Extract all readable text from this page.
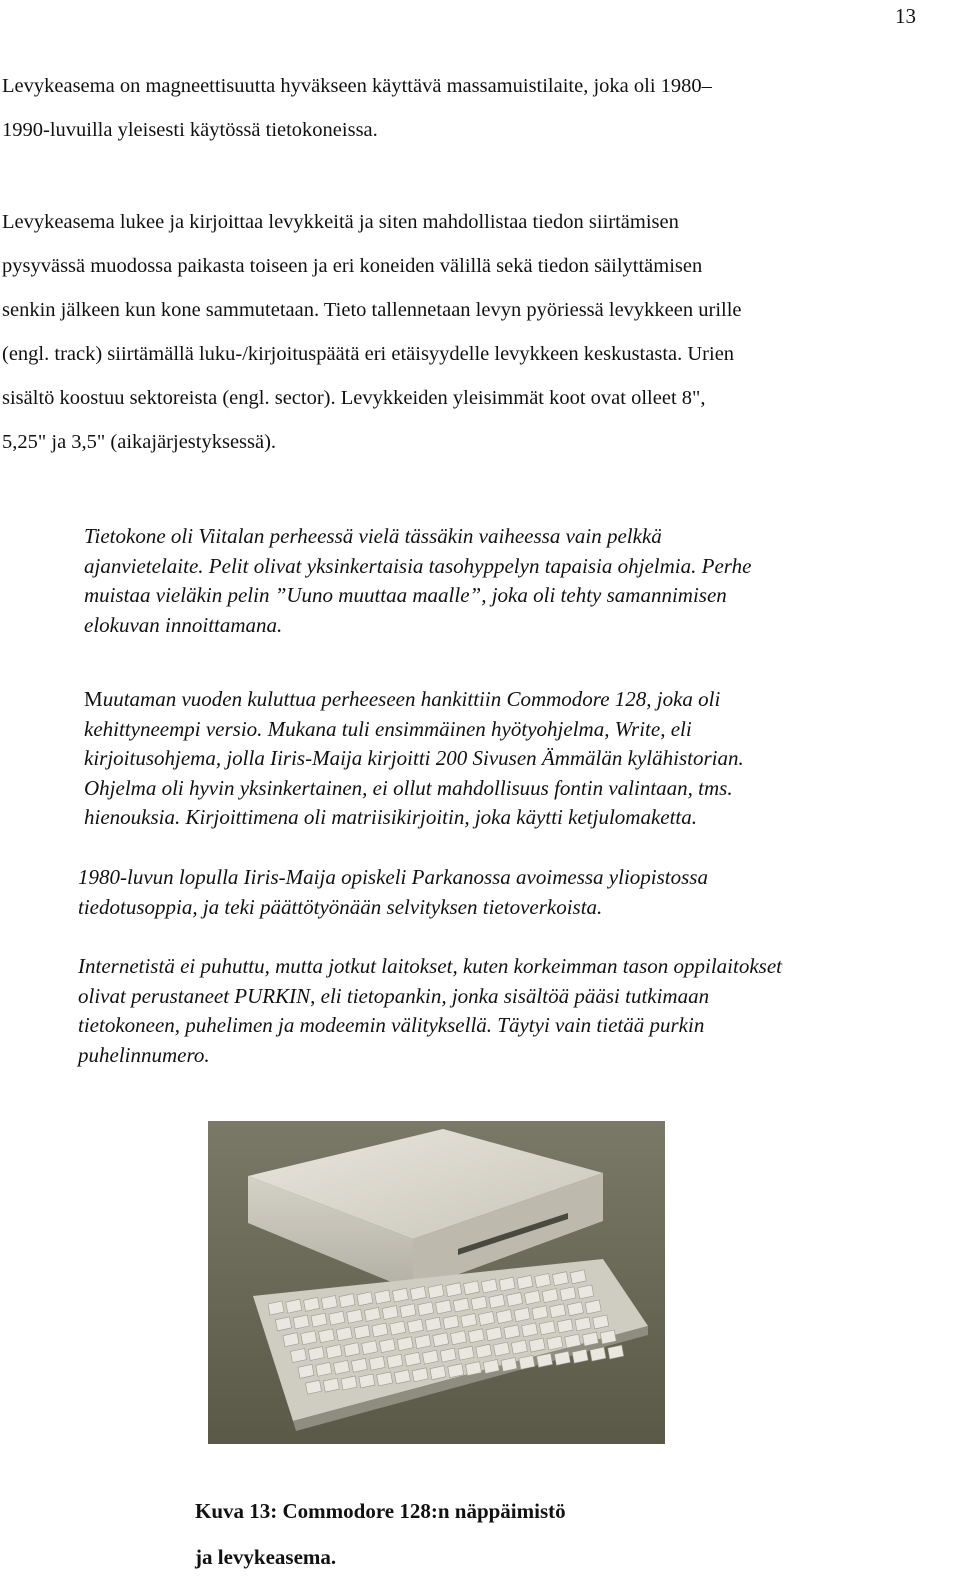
13

Levykeasema on magneettisuutta hyväkseen käyttävä massamuistilaite, joka oli 1980–
1990-luvuilla yleisesti käytössä tietokoneissa.

Levykeasema lukee ja kirjoittaa levykkeitä ja siten mahdollistaa tiedon siirtämisen
pysyvässä muodossa paikasta toiseen ja eri koneiden välillä sekä tiedon säilyttämisen
senkin jälkeen kun kone sammutetaan. Tieto tallennetaan levyn pyöriessä levykkeen urille
(engl. track) siirtämällä luku-/kirjoituspäätä eri etäisyydelle levykkeen keskustasta. Urien
sisältö koostuu sektoreista (engl. sector). Levykkeiden yleisimmät koot ovat olleet 8",
5,25" ja 3,5" (aikajärjestyksessä).

Tietokone oli Viitalan perheessä vielä tässäkin vaiheessa vain pelkkä
ajanvietelaite. Pelit olivat yksinkertaisia tasohyppelyn tapaisia ohjelmia. Perhe
muistaa vieläkin pelin ”Uuno muuttaa maalle”, joka oli tehty samannimisen
elokuvan innoittamana.

Muutaman vuoden kuluttua perheeseen hankittiin Commodore 128, joka oli
kehittyneempi versio. Mukana tuli ensimmäinen hyötyohjelma, Write, eli
kirjoitusohjema, jolla Iiris-Maija kirjoitti 200 Sivusen Ämmälän kylähistorian.
Ohjelma oli hyvin yksinkertainen, ei ollut mahdollisuus fontin valintaan, tms.
hienouksia. Kirjoittimena oli matriisikirjoitin, joka käytti ketjulomaketta.

1980-luvun lopulla Iiris-Maija opiskeli Parkanossa avoimessa yliopistossa
tiedotusoppia, ja teki päättötyönään selvityksen tietoverkoista.

Internetistä ei puhuttu, mutta jotkut laitokset, kuten korkeimman tason oppilaitokset
olivat perustaneet PURKIN, eli tietopankin, jonka sisältöä pääsi tutkimaan
tietokoneen, puhelimen ja modeemin välityksellä. Täytyi vain tietää purkin
puhelinnumero.

Kuva 13: Commodore 128:n näppäimistö
ja levykeasema.
